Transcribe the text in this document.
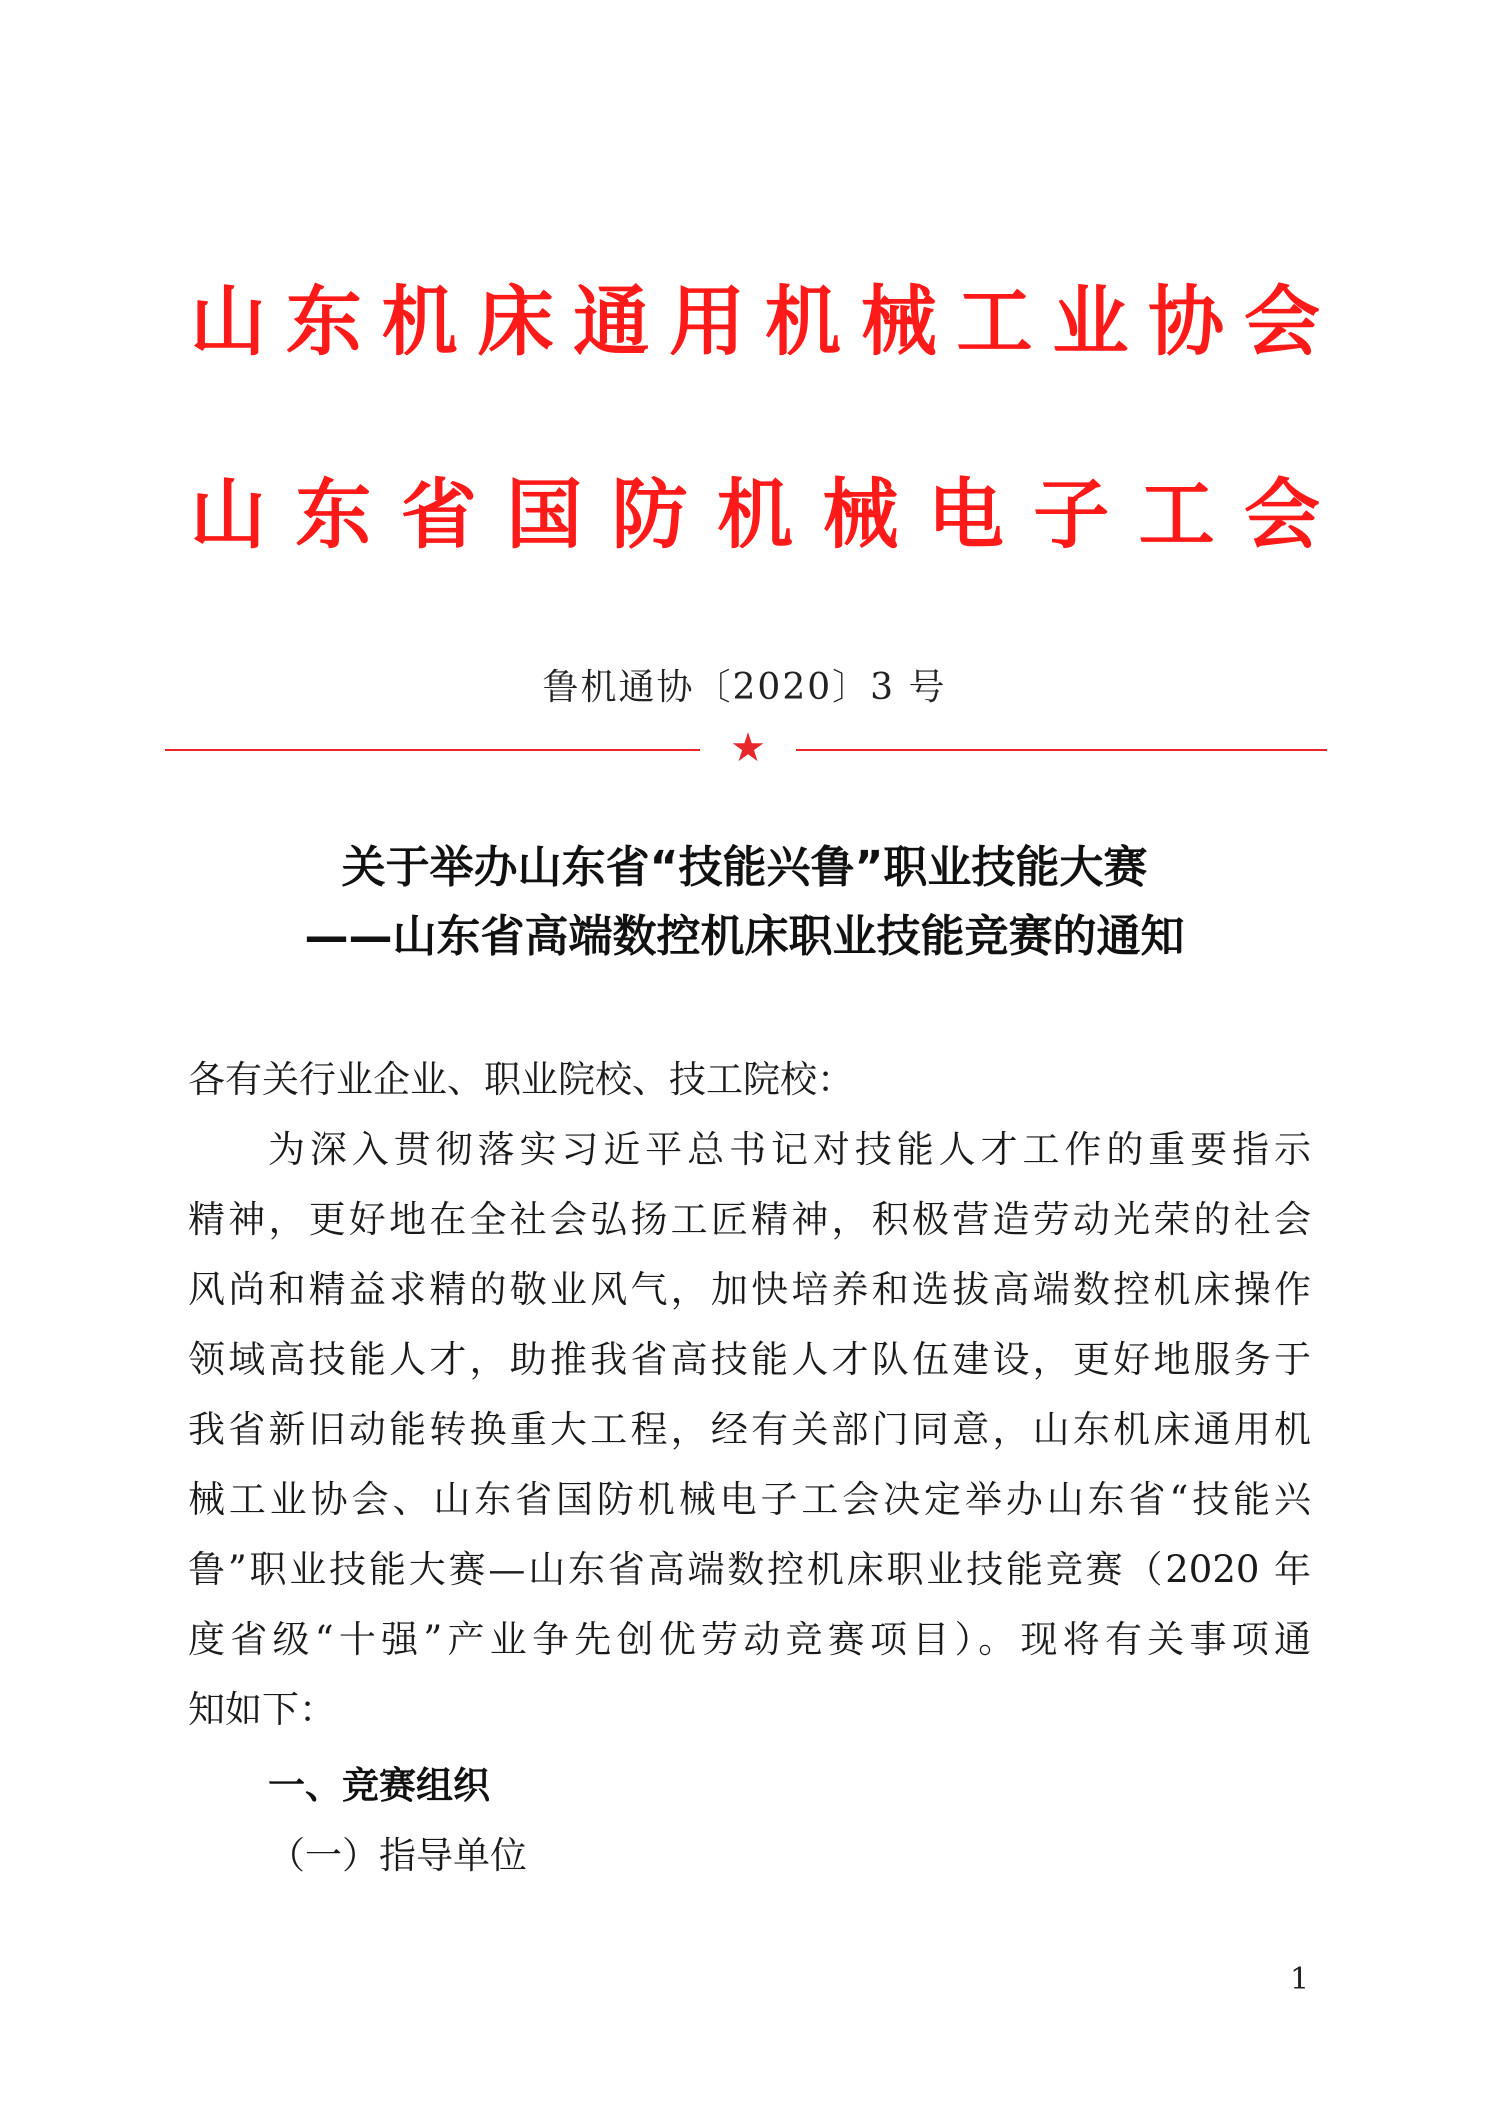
山东机床通用机械工业协会
山东省国防机械电子工会
鲁机通协〔2020〕3 号
★
关于举办山东省“技能兴鲁”职业技能大赛
——山东省高端数控机床职业技能竞赛的通知
各有关行业企业、职业院校、技工院校：
为深入贯彻落实习近平总书记对技能人才工作的重要指示
精神，更好地在全社会弘扬工匠精神，积极营造劳动光荣的社会
风尚和精益求精的敬业风气，加快培养和选拔高端数控机床操作
领域高技能人才，助推我省高技能人才队伍建设，更好地服务于
我省新旧动能转换重大工程，经有关部门同意，山东机床通用机
械工业协会、山东省国防机械电子工会决定举办山东省“技能兴
鲁”职业技能大赛—山东省高端数控机床职业技能竞赛（2020 年
度省级“十强”产业争先创优劳动竞赛项目）。现将有关事项通
知如下：
一、竞赛组织
（一）指导单位
1
